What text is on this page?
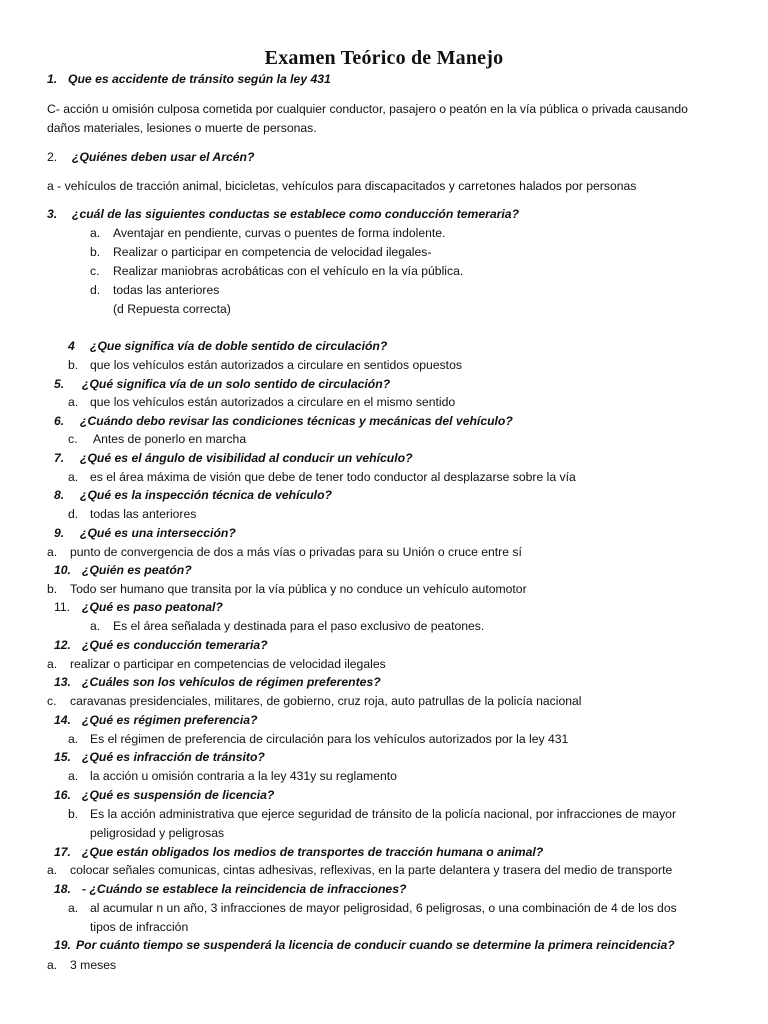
Examen Teórico de Manejo
1. Que es accidente de tránsito según la ley 431
C- acción u omisión culposa cometida por cualquier conductor, pasajero o peatón en la vía pública o privada causando
daños materiales, lesiones o muerte de personas.
2. ¿Quiénes deben usar el Arcén?
a - vehículos de tracción animal, bicicletas, vehículos para discapacitados y carretones halados por personas
3. ¿cuál de las siguientes conductas se establece como conducción temeraria?
a. Aventajar en pendiente, curvas o puentes de forma indolente.
b. Realizar o participar en competencia de velocidad ilegales-
c. Realizar maniobras acrobáticas con el vehículo en la vía pública.
d. todas las anteriores
(d Repuesta correcta)
4 ¿Que significa vía de doble sentido de circulación?
b. que los vehículos están autorizados a circulare en sentidos opuestos
5. ¿Qué significa vía de un solo sentido de circulación?
a. que los vehículos están autorizados a circulare en el mismo sentido
6. ¿Cuándo debo revisar las condiciones técnicas y mecánicas del vehículo?
c. Antes de ponerlo en marcha
7. ¿Qué es el ángulo de visibilidad al conducir un vehículo?
a. es el área máxima de visión que debe de tener todo conductor al desplazarse sobre la vía
8. ¿Qué es la inspección técnica de vehículo?
d. todas las anteriores
9. ¿Qué es una intersección?
a. punto de convergencia de dos a más vías o privadas para su Unión o cruce entre sí
10. ¿Quién es peatón?
b. Todo ser humano que transita por la vía pública y no conduce un vehículo automotor
11. ¿Qué es paso peatonal?
a. Es el área señalada y destinada para el paso exclusivo de peatones.
12. ¿Qué es conducción temeraria?
a. realizar o participar en competencias de velocidad ilegales
13. ¿Cuáles son los vehículos de régimen preferentes?
c. caravanas presidenciales, militares, de gobierno, cruz roja, auto patrullas de la policía nacional
14. ¿Qué es régimen preferencia?
a. Es el régimen de preferencia de circulación para los vehículos autorizados por la ley 431
15. ¿Qué es infracción de tránsito?
a. la acción u omisión contraria a la ley 431y su reglamento
16. ¿Qué es suspensión de licencia?
b. Es la acción administrativa que ejerce seguridad de tránsito de la policía nacional, por infracciones de mayor
peligrosidad y peligrosas
17. ¿Que están obligados los medios de transportes de tracción humana o animal?
a. colocar señales comunicas, cintas adhesivas, reflexivas, en la parte delantera y trasera del medio de transporte
18. - ¿Cuándo se establece la reincidencia de infracciones?
a. al acumular n un año, 3 infracciones de mayor peligrosidad, 6 peligrosas, o una combinación de 4 de los dos
tipos de infracción
19. Por cuánto tiempo se suspenderá la licencia de conducir cuando se determine la primera reincidencia?
a. 3 meses
